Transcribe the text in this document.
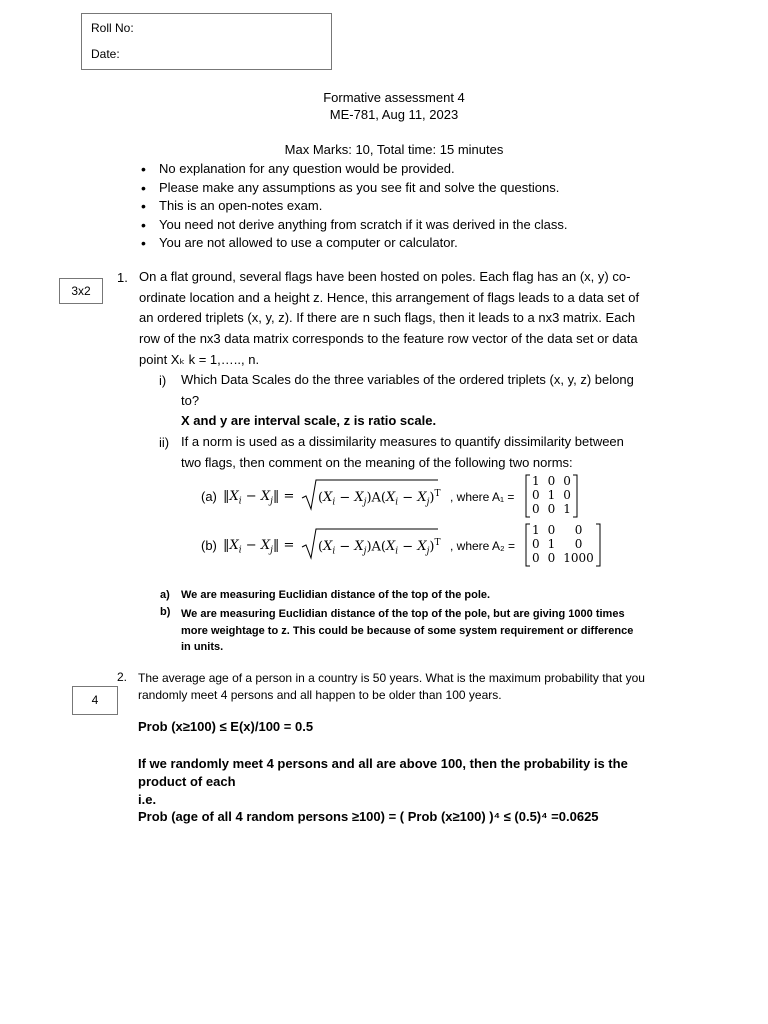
Roll No:
Date:
Formative assessment 4
ME-781, Aug 11, 2023
Max Marks: 10, Total time: 15 minutes
• No explanation for any question would be provided.
• Please make any assumptions as you see fit and solve the questions.
• This is an open-notes exam.
• You need not derive anything from scratch if it was derived in the class.
• You are not allowed to use a computer or calculator.
3x2
1. On a flat ground, several flags have been hosted on poles. Each flag has an (x, y) co-
ordinate location and a height z. Hence, this arrangement of flags leads to a data set of
an ordered triplets (x, y, z). If there are n such flags, then it leads to a nx3 matrix. Each
row of the nx3 data matrix corresponds to the feature row vector of the data set or data
point Xₖ k = 1,….., n.
i) Which Data Scales do the three variables of the ordered triplets (x, y, z) belong
to?
X and y are interval scale, z is ratio scale.
ii) If a norm is used as a dissimilarity measures to quantify dissimilarity between
two flags, then comment on the meaning of the following two norms:
(a) $‖X_i$ − $X_j‖ = (X_i - X_j)A(X_i - X_j)^T$ , where A₁ =
1	0	0
0	1	0
0	0	1
(b) $‖X_i$ − $X_j‖ = (X_i - X_j)A(X_i - X_j)^T$ , where A₂ =
1	0	0
0	1	0
0	0	1000
a) We are measuring Euclidian distance of the top of the pole.
b) We are measuring Euclidian distance of the top of the pole, but are giving 1000 times
more weightage to z. This could be because of some system requirement or difference
in units.
2. The average age of a person in a country is 50 years. What is the maximum probability that you
randomly meet 4 persons and all happen to be older than 100 years.
4
Prob (x≥100) ≤ E(x)/100 = 0.5
If we randomly meet 4 persons and all are above 100, then the probability is the
product of each
i.e.
Prob (age of all 4 random persons ≥100) = ( Prob (x≥100) )⁴ ≤ (0.5)⁴ =0.0625
